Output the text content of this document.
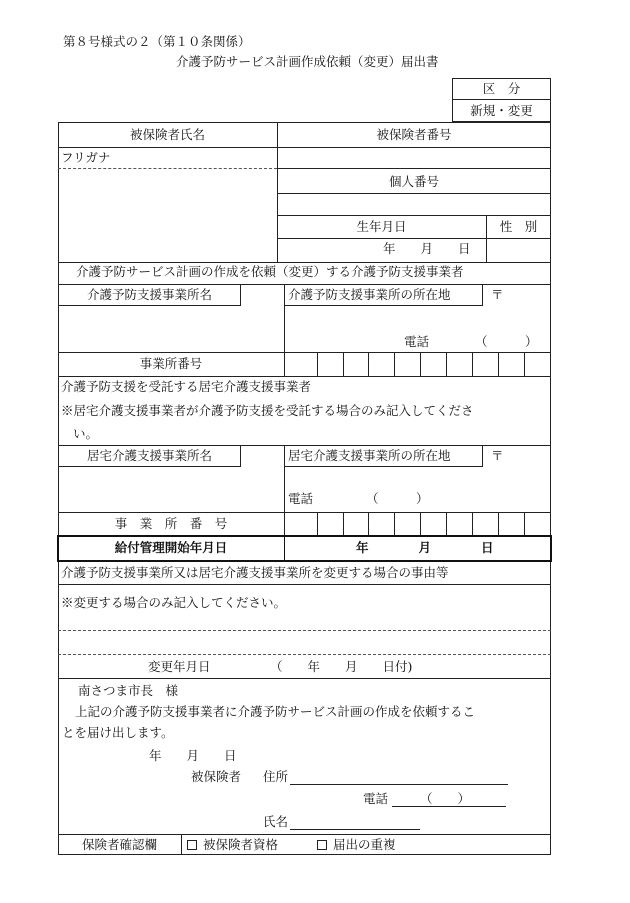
第８号様式の２（第１０条関係）
介護予防サービス計画作成依頼（変更）届出書
区　分
新規・変更
被保険者氏名	被保険者番号
フリガナ
個人番号
生年月日	性　別
年　　月　　日
介護予防サービス計画の作成を依頼（変更）する介護予防支援事業者
介護予防支援事業所名	介護予防支援事業所の所在地	〒
電話	（　　　）
事業所番号
介護予防支援を受託する居宅介護支援事業者
※居宅介護支援事業者が介護予防支援を受託する場合のみ記入してくださ
い。
居宅介護支援事業所名	居宅介護支援事業所の所在地	〒
電話	（　　　）
事　業　所　番　号
給付管理開始年月日	年　　　　月　　　　日
介護予防支援事業所又は居宅介護支援事業所を変更する場合の事由等
※変更する場合のみ記入してください。
変更年月日	（　　年　　月　　日付)
南さつま市長　様
上記の介護予防支援事業者に介護予防サービス計画の作成を依頼するこ
とを届け出します。
年　　月　　日
被保険者 住所
電話	（　　）
氏名
保険者確認欄	被保険者資格	届出の重複
